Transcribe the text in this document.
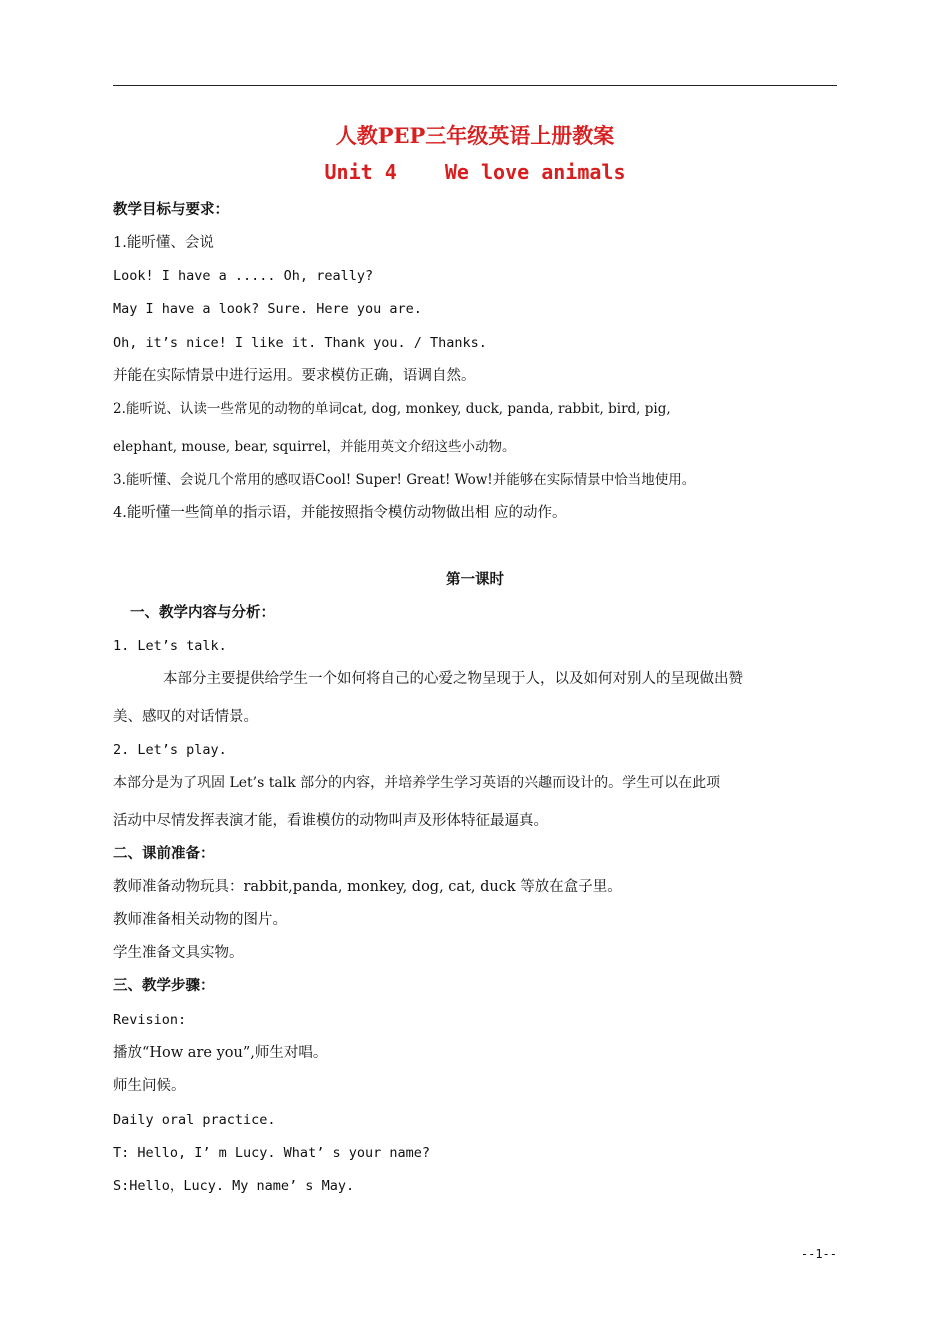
人教PEP三年级英语上册教案
Unit 4    We love animals
教学目标与要求：
1.能听懂、会说
Look! I have a ..... Oh, really?
May I have a look? Sure. Here you are.
Oh, it’s nice! I like it. Thank you. / Thanks.
并能在实际情景中进行运用。要求模仿正确，语调自然。
2.能听说、认读一些常见的动物的单词cat, dog, monkey, duck, panda, rabbit, bird, pig,
elephant, mouse, bear, squirrel，并能用英文介绍这些小动物。
3.能听懂、会说几个常用的感叹语Cool! Super! Great! Wow!并能够在实际情景中恰当地使用。
4.能听懂一些简单的指示语，并能按照指令模仿动物做出相 应的动作。
第一课时
一、教学内容与分析：
1. Let’s talk.
本部分主要提供给学生一个如何将自己的心爱之物呈现于人，以及如何对别人的呈现做出赞
美、感叹的对话情景。
2. Let’s play.
本部分是为了巩固 Let’s talk 部分的内容，并培养学生学习英语的兴趣而设计的。学生可以在此项
活动中尽情发挥表演才能，看谁模仿的动物叫声及形体特征最逼真。
二、课前准备：
教师准备动物玩具：rabbit,panda, monkey, dog, cat, duck 等放在盒子里。
教师准备相关动物的图片。
学生准备文具实物。
三、教学步骤：
Revision:
播放“How are you”,师生对唱。
师生问候。
Daily oral practice.
T: Hello, I’ m Lucy. What’ s your name?
S:Hello，Lucy. My name’ s May.
--1--
